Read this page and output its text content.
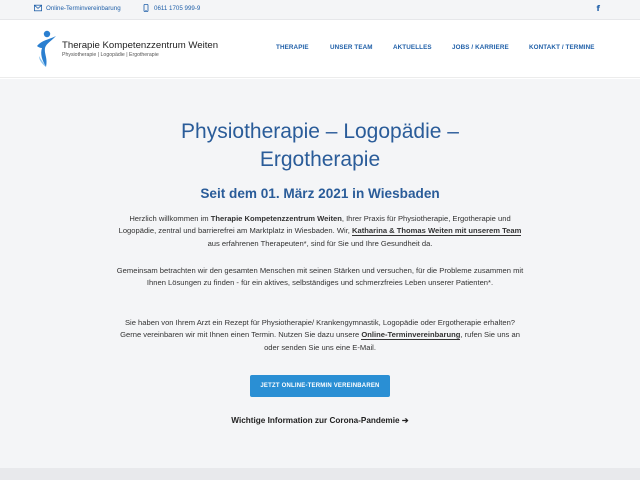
Online-Terminvereinbarung	0611 1705 999-9	f
Therapie Kompetenzzentrum Weiten
Physiotherapie | Logopädie | Ergotherapie
THERAPIE	UNSER TEAM	AKTUELLES	JOBS / KARRIERE	KONTAKT / TERMINE
Physiotherapie – Logopädie –
Ergotherapie
Seit dem 01. März 2021 in Wiesbaden

Herzlich willkommen im Therapie Kompetenzzentrum Weiten, Ihrer Praxis für Physiotherapie, Ergotherapie und Logopädie, zentral und barrierefrei am Marktplatz in Wiesbaden. Wir, Katharina & Thomas Weiten mit unserem Team aus erfahrenen Therapeuten*, sind für Sie und Ihre Gesundheit da.

Gemeinsam betrachten wir den gesamten Menschen mit seinen Stärken und versuchen, für die Probleme zusammen mit Ihnen Lösungen zu finden - für ein aktives, selbständiges und schmerzfreies Leben unserer Patienten*.

Sie haben von Ihrem Arzt ein Rezept für Physiotherapie/ Krankengymnastik, Logopädie oder Ergotherapie erhalten? Gerne vereinbaren wir mit Ihnen einen Termin. Nutzen Sie dazu unsere Online-Terminvereinbarung, rufen Sie uns an oder senden Sie uns eine E-Mail.

JETZT ONLINE-TERMIN VEREINBAREN
Wichtige Information zur Corona-Pandemie ➔
